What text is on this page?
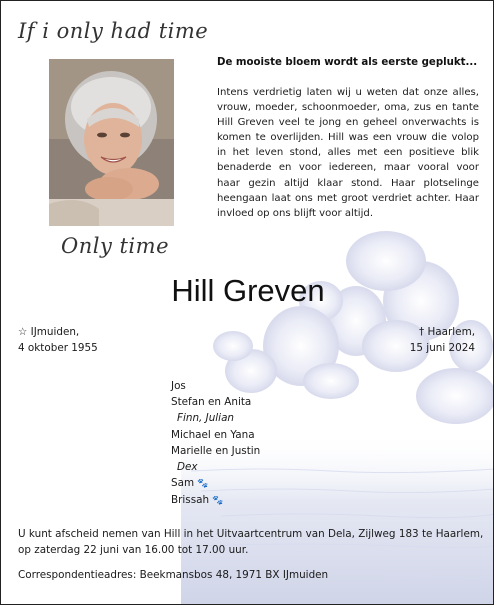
If i only had time
Only time
De mooiste bloem wordt als eerste geplukt...
Intens verdrietig laten wij u weten dat onze alles, vrouw, moeder, schoonmoeder, oma, zus en tante Hill Greven veel te jong en geheel onverwachts is komen te overlijden. Hill was een vrouw die volop in het leven stond, alles met een positieve blik benaderde en voor iedereen, maar vooral voor haar gezin altijd klaar stond. Haar plotselinge heengaan laat ons met groot verdriet achter. Haar invloed op ons blijft voor altijd.
Hill Greven
☆ IJmuiden,
4 oktober 1955
† Haarlem,
15 juni 2024
Jos
Stefan en Anita
Finn, Julian
Michael en Yana
Marielle en Justin
Dex
Sam 🐾
Brissah 🐾
U kunt afscheid nemen van Hill in het Uitvaartcentrum van Dela, Zijlweg 183 te Haarlem, op zaterdag 22 juni van 16.00 tot 17.00 uur.
Correspondentieadres: Beekmansbos 48, 1971 BX IJmuiden
